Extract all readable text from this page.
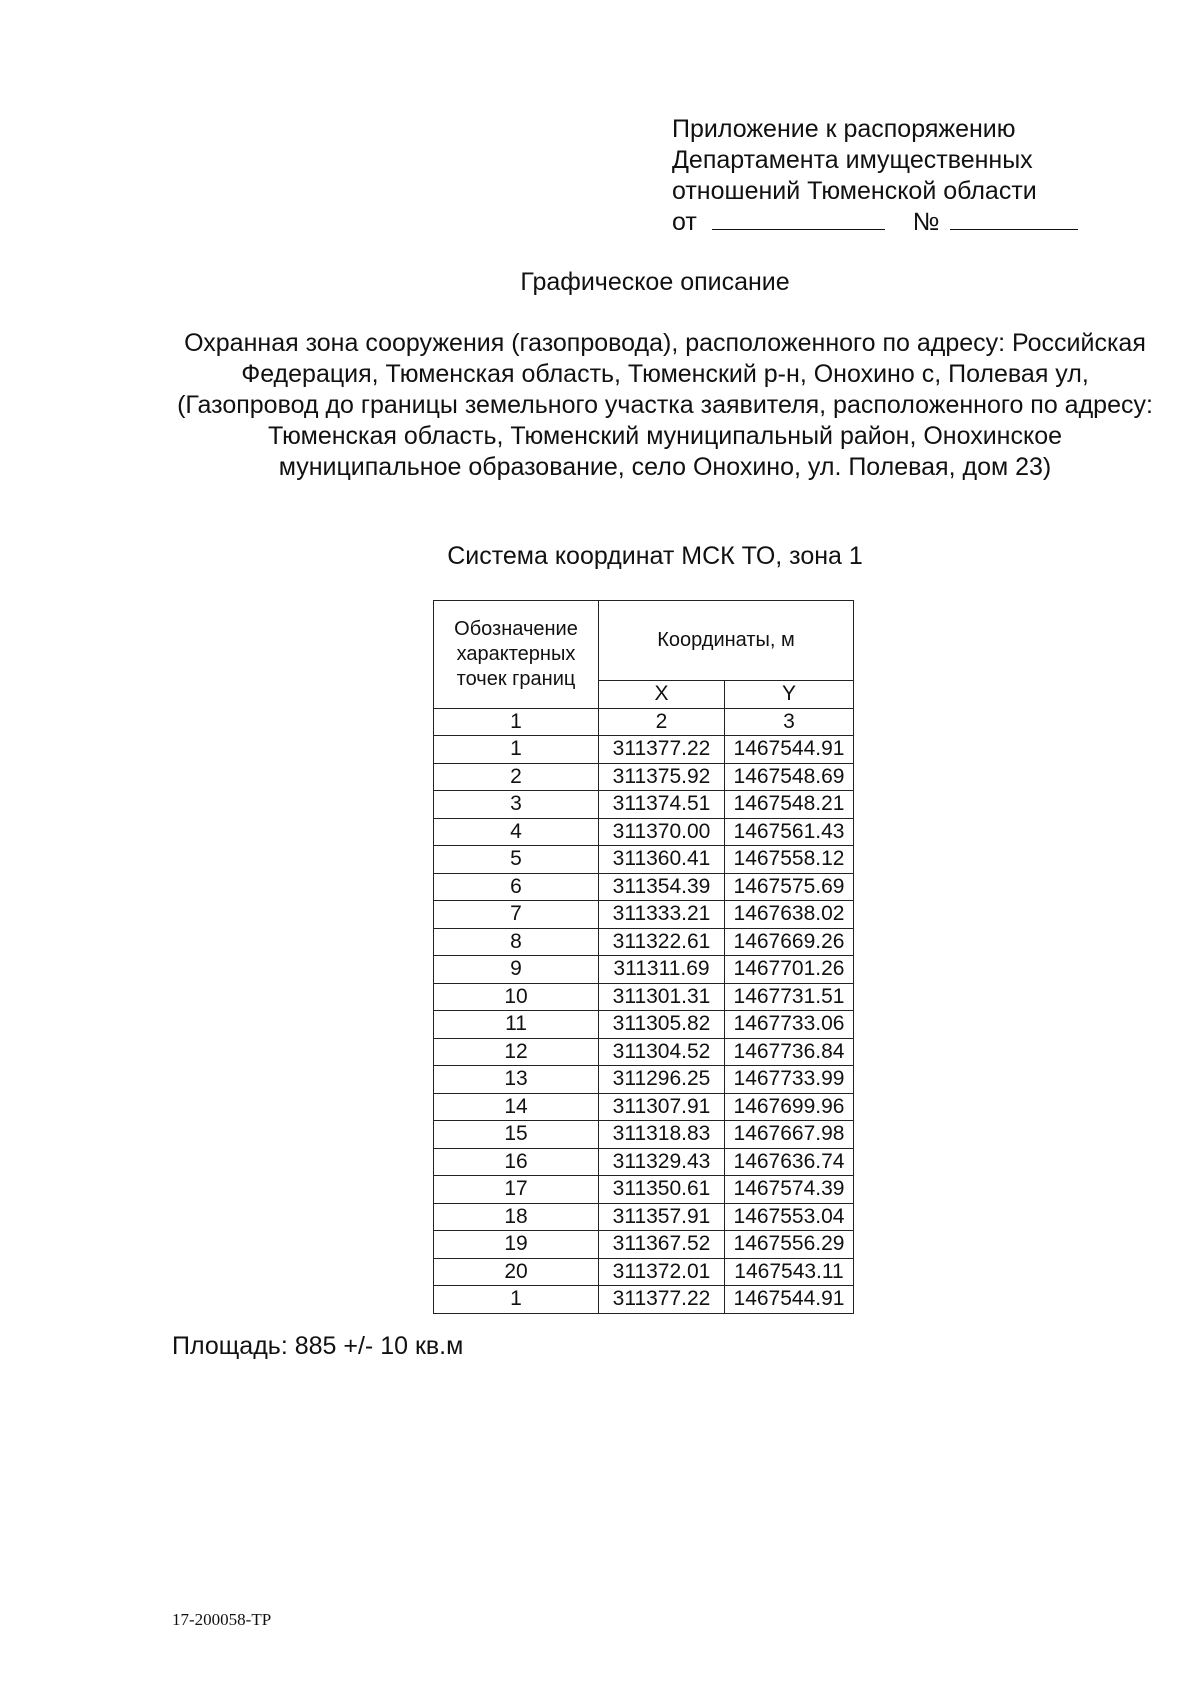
Приложение к распоряжению
Департамента имущественных
отношений Тюменской области
от	№
Графическое описание
Охранная зона сооружения (газопровода), расположенного по адресу: Российская Федерация, Тюменская область, Тюменский р-н, Онохино с, Полевая ул, (Газопровод до границы земельного участка заявителя, расположенного по адресу: Тюменская область, Тюменский муниципальный район, Онохинское муниципальное образование, село Онохино, ул. Полевая, дом 23)
Система координат МСК ТО, зона 1
Обозначение характерных точек границ	Координаты, м	
	X	Y
1	2	3
1	311377.22	1467544.91
2	311375.92	1467548.69
3	311374.51	1467548.21
4	311370.00	1467561.43
5	311360.41	1467558.12
6	311354.39	1467575.69
7	311333.21	1467638.02
8	311322.61	1467669.26
9	311311.69	1467701.26
10	311301.31	1467731.51
11	311305.82	1467733.06
12	311304.52	1467736.84
13	311296.25	1467733.99
14	311307.91	1467699.96
15	311318.83	1467667.98
16	311329.43	1467636.74
17	311350.61	1467574.39
18	311357.91	1467553.04
19	311367.52	1467556.29
20	311372.01	1467543.11
1	311377.22	1467544.91
Площадь: 885 +/- 10 кв.м
17-200058-ТР
